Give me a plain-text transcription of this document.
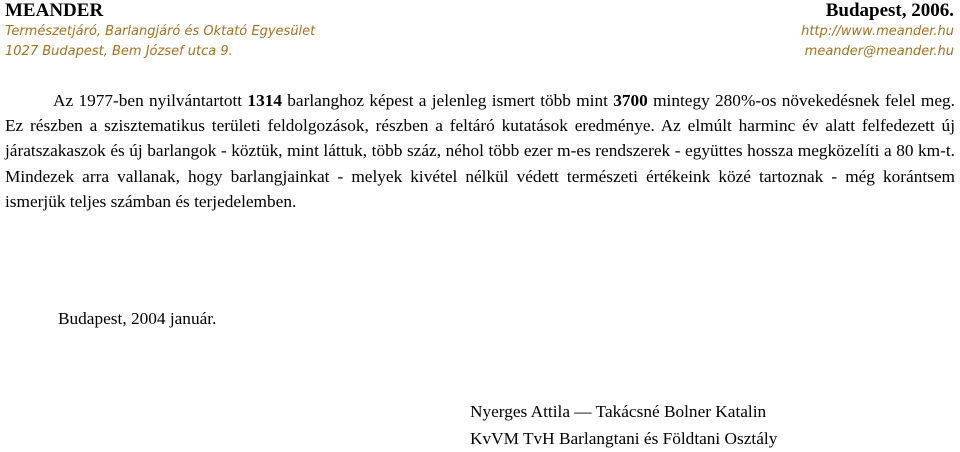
MEANDER
Természetjáró, Barlangjáró és Oktató Egyesület
1027 Budapest, Bem József utca 9.
Budapest, 2006.
http://www.meander.hu
meander@meander.hu

Az 1977-ben nyilvántartott 1314 barlanghoz képest a jelenleg ismert több mint 3700 mintegy 280%-os növekedésnek felel meg. Ez részben a szisztematikus területi feldolgozások, részben a feltáró kutatások eredménye. Az elmúlt harminc év alatt felfedezett új járatszakaszok és új barlangok - köztük, mint láttuk, több száz, néhol több ezer m-es rendszerek - együttes hossza megközelíti a 80 km-t. Mindezek arra vallanak, hogy barlangjainkat - melyek kivétel nélkül védett természeti értékeink közé tartoznak - még korántsem ismerjük teljes számban és terjedelemben.

Budapest, 2004 január.

Nyerges Attila — Takácsné Bolner Katalin
KvVM TvH Barlangtani és Földtani Osztály
